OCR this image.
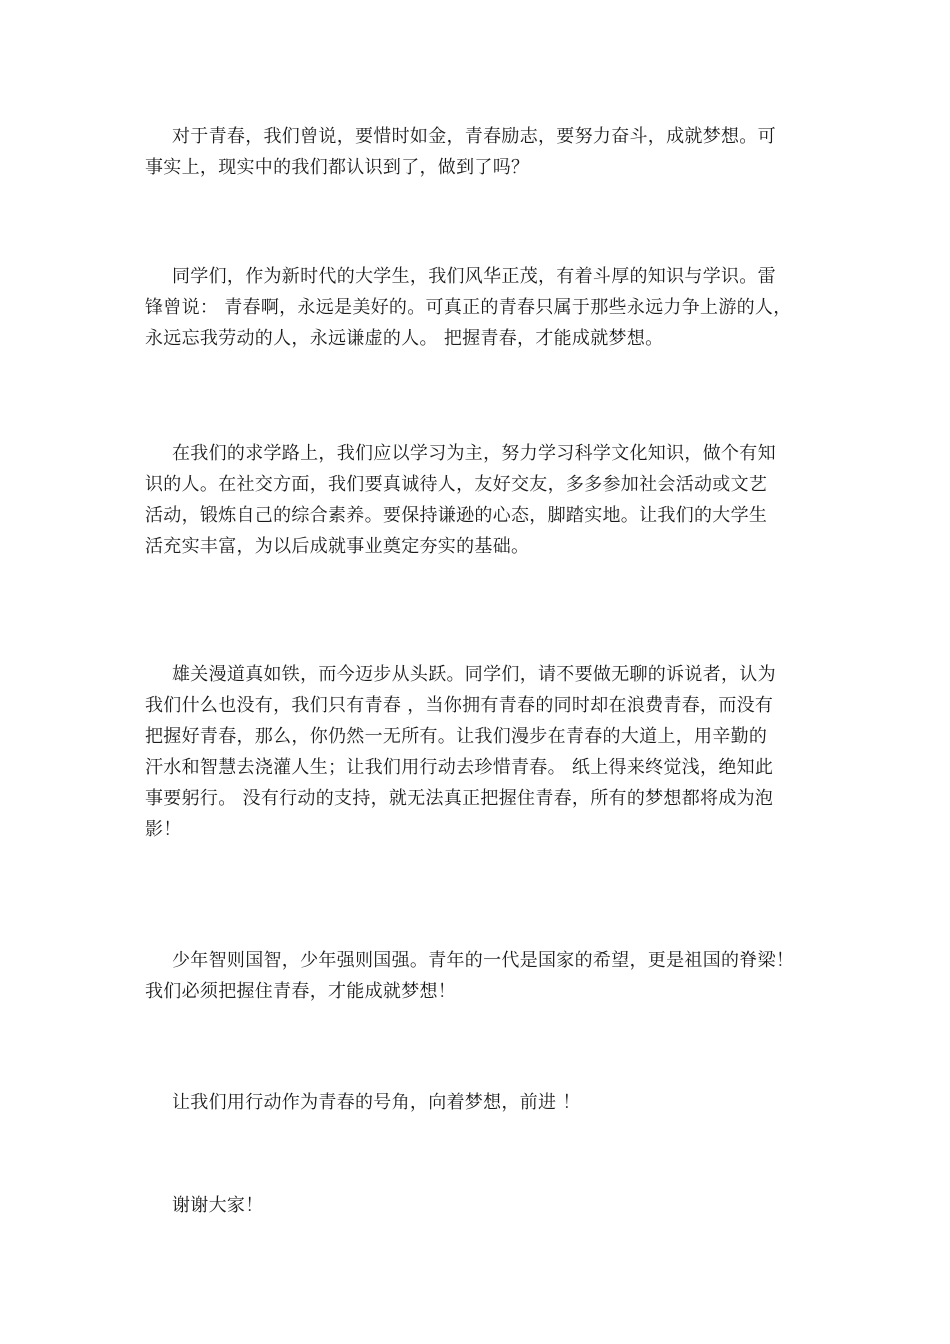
对于青春，我们曾说，要惜时如金，青春励志，要努力奋斗，成就梦想。可
事实上，现实中的我们都认识到了，做到了吗？
同学们，作为新时代的大学生，我们风华正茂，有着斗厚的知识与学识。雷
锋曾说： 青春啊，永远是美好的。可真正的青春只属于那些永远力争上游的人，
永远忘我劳动的人，永远谦虚的人。 把握青春，才能成就梦想。
在我们的求学路上，我们应以学习为主，努力学习科学文化知识，做个有知
识的人。在社交方面，我们要真诚待人，友好交友，多多参加社会活动或文艺
活动，锻炼自己的综合素养。要保持谦逊的心态，脚踏实地。让我们的大学生
活充实丰富，为以后成就事业奠定夯实的基础。
雄关漫道真如铁，而今迈步从头跃。同学们，请不要做无聊的诉说者，认为
我们什么也没有，我们只有青春 ，当你拥有青春的同时却在浪费青春，而没有
把握好青春，那么，你仍然一无所有。让我们漫步在青春的大道上，用辛勤的
汗水和智慧去浇灌人生；让我们用行动去珍惜青春。 纸上得来终觉浅，绝知此
事要躬行。 没有行动的支持，就无法真正把握住青春，所有的梦想都将成为泡
影！
少年智则国智，少年强则国强。青年的一代是国家的希望，更是祖国的脊梁！
我们必须把握住青春，才能成就梦想！
让我们用行动作为青春的号角，向着梦想，前进 ！
谢谢大家！
